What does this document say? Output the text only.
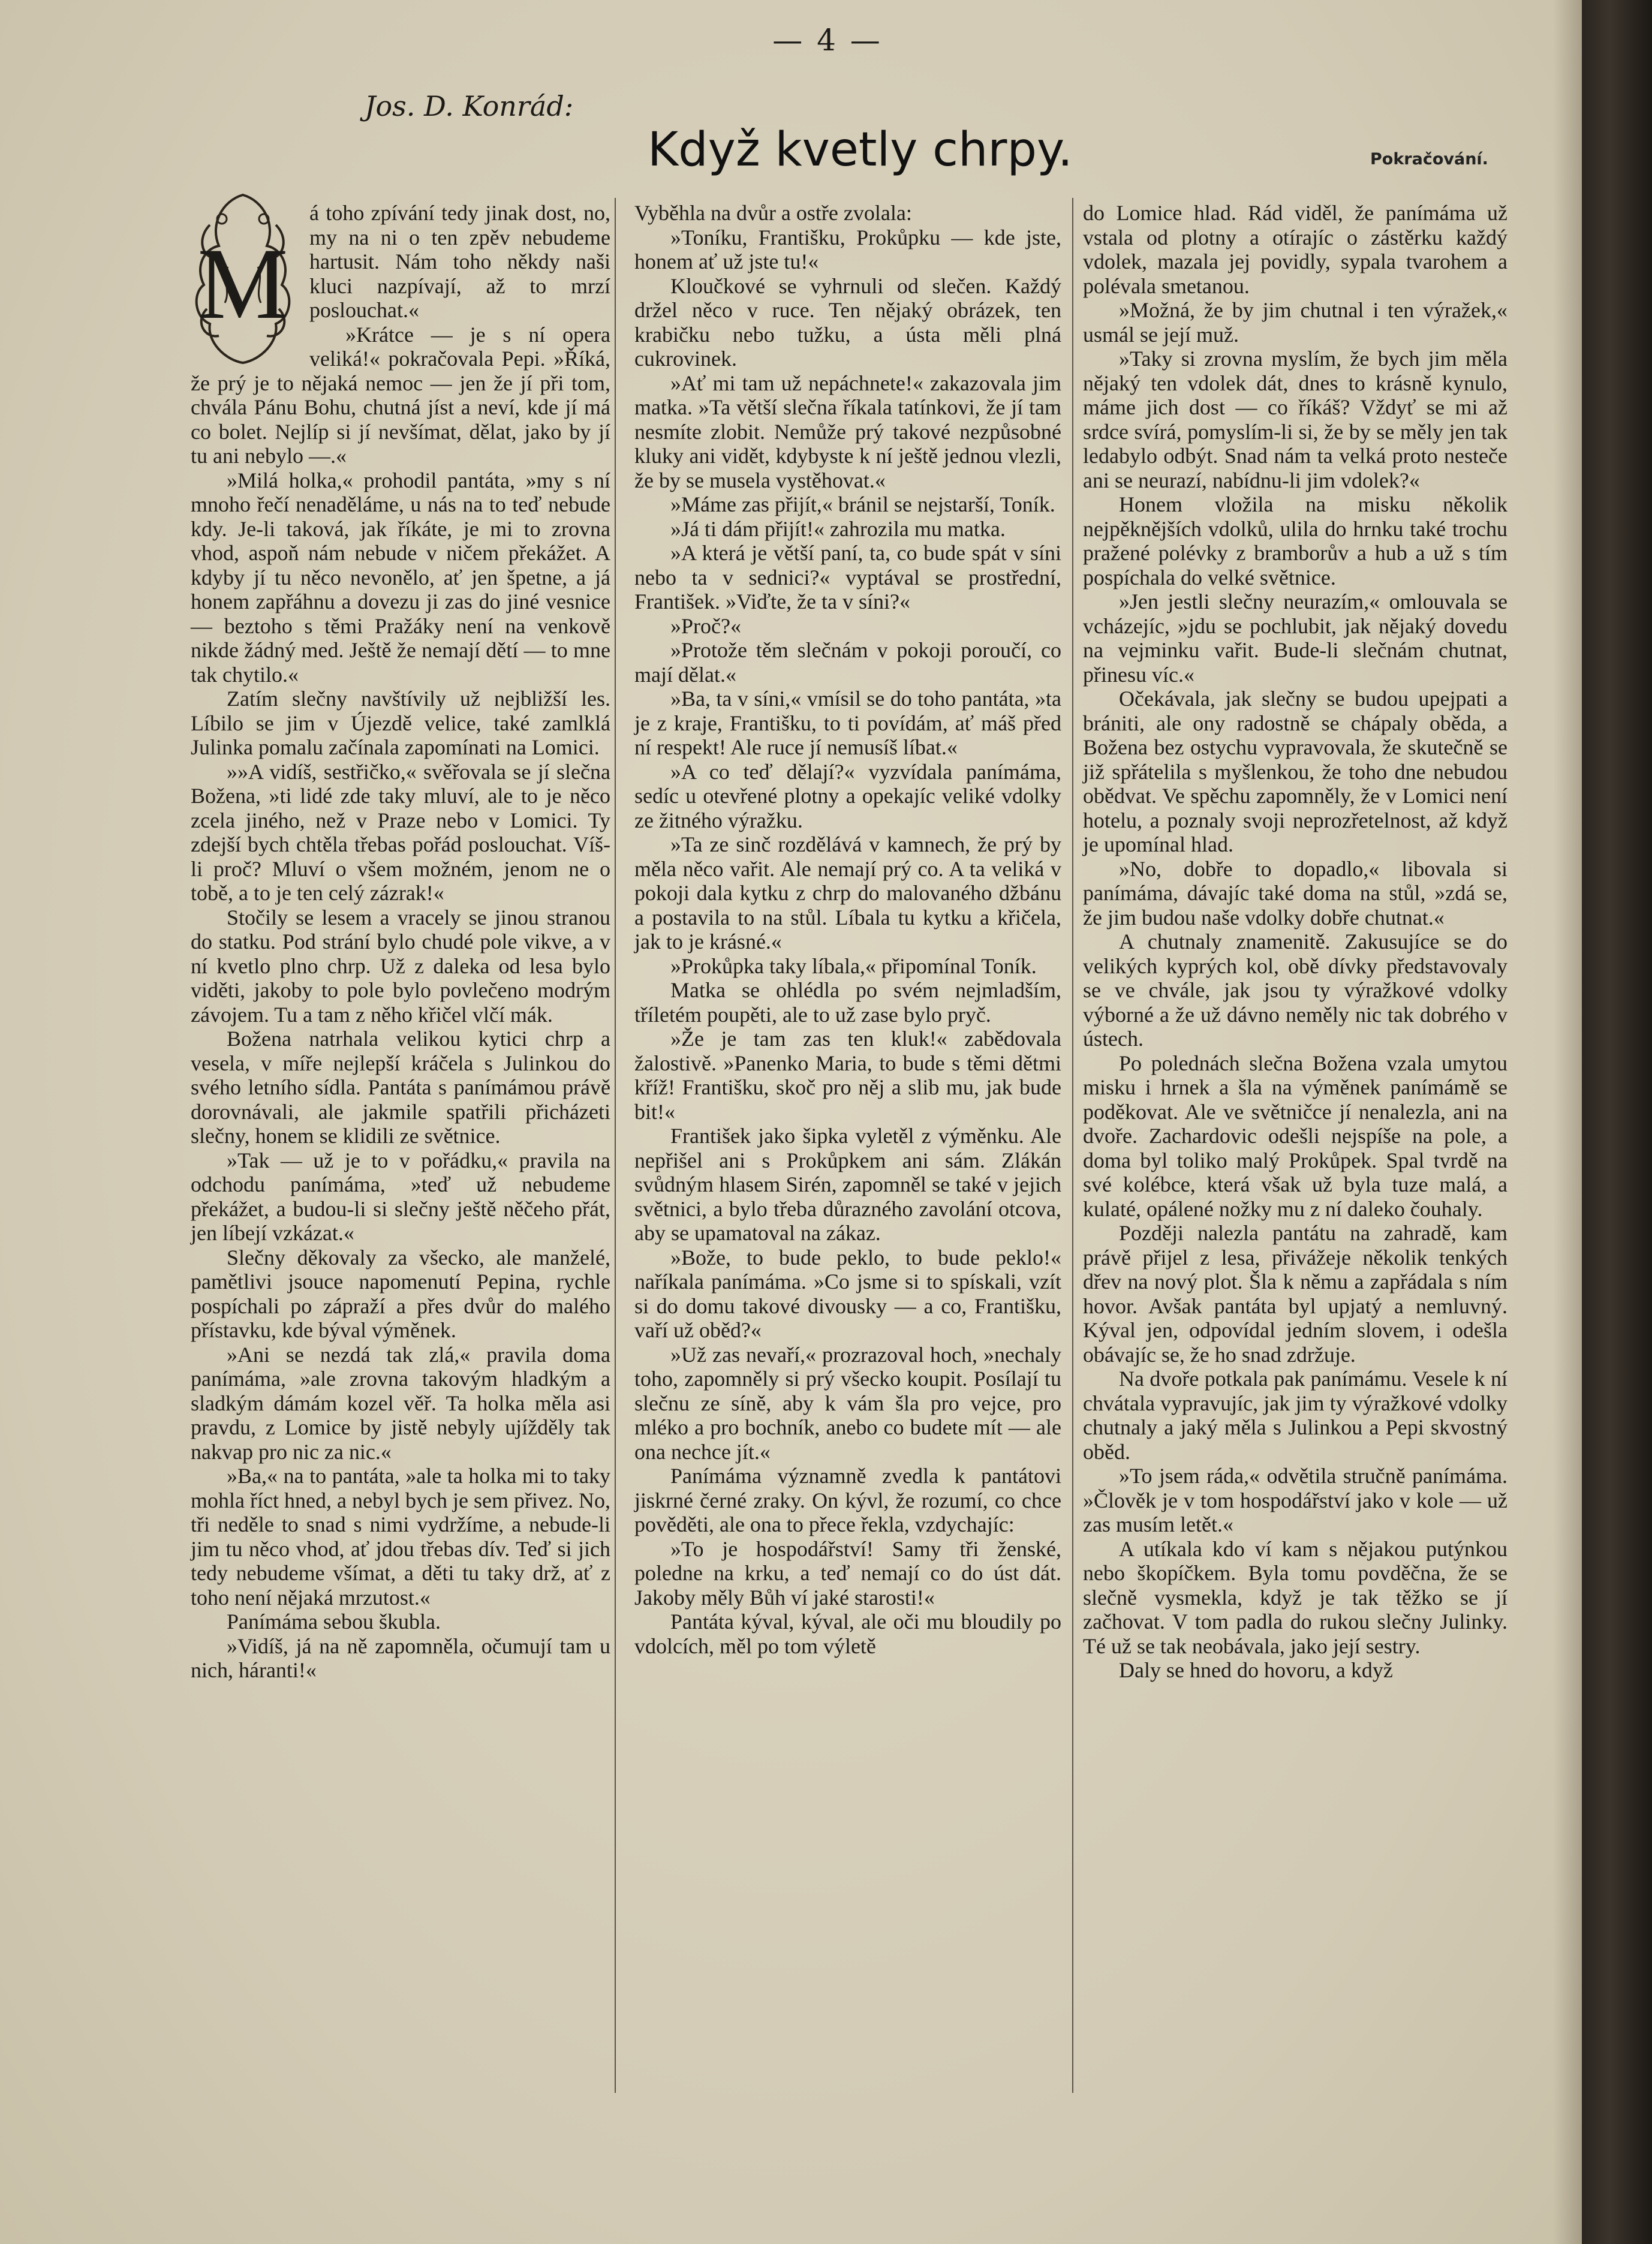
— 4 —
Jos. D. Konrád:
Když kvetly chrpy.	Pokračování.
M

á toho zpívání tedy jinak dost, no, my na ni o ten zpěv nebudeme hartusit. Nám toho někdy naši kluci nazpívají, až to mrzí poslouchat.«

»Krátce — je s ní opera veliká!« pokračovala Pepi. »Říká, že prý je to nějaká nemoc — jen že jí při tom, chvála Pánu Bohu, chutná jíst a neví, kde jí má co bolet. Nejlíp si jí nevšímat, dělat, jako by jí tu ani nebylo —.«

»Milá holka,« prohodil pantáta, »my s ní mnoho řečí nenaděláme, u nás na to teď nebude kdy. Je-li taková, jak říkáte, je mi to zrovna vhod, aspoň nám nebude v ničem překážet. A kdyby jí tu něco nevonělo, ať jen špetne, a já honem zapřáhnu a dovezu ji zas do jiné vesnice — beztoho s těmi Pražáky není na venkově nikde žádný med. Ještě že nemají dětí — to mne tak chytilo.«

Zatím slečny navštívily už nejbližší les. Líbilo se jim v Újezdě velice, také zamlklá Julinka pomalu začínala zapomínati na Lomici.

»»A vidíš, sestřičko,« svěřovala se jí slečna Božena, »ti lidé zde taky mluví, ale to je něco zcela jiného, než v Praze nebo v Lomici. Ty zdejší bych chtěla třebas pořád poslouchat. Víš-li proč? Mluví o všem možném, jenom ne o tobě, a to je ten celý zázrak!«

Stočily se lesem a vracely se jinou stranou do statku. Pod strání bylo chudé pole vikve, a v ní kvetlo plno chrp. Už z daleka od lesa bylo viděti, jakoby to pole bylo povlečeno modrým závojem. Tu a tam z něho křičel vlčí mák.

Božena natrhala velikou kytici chrp a vesela, v míře nejlepší kráčela s Julinkou do svého letního sídla. Pantáta s panímámou právě dorovnávali, ale jakmile spatřili přicházeti slečny, honem se klidili ze světnice.

»Tak — už je to v pořádku,« pravila na odchodu panímáma, »teď už nebudeme překážet, a budou-li si slečny ještě něčeho přát, jen líbejí vzkázat.«

Slečny děkovaly za všecko, ale manželé, pamětlivi jsouce napomenutí Pepina, rychle pospíchali po zápraží a přes dvůr do malého přístavku, kde býval výměnek.

»Ani se nezdá tak zlá,« pravila doma panímáma, »ale zrovna takovým hladkým a sladkým dámám kozel věř. Ta holka měla asi pravdu, z Lomice by jistě nebyly ujížděly tak nakvap pro nic za nic.«

»Ba,« na to pantáta, »ale ta holka mi to taky mohla říct hned, a nebyl bych je sem přivez. No, tři neděle to snad s nimi vydržíme, a nebude-li jim tu něco vhod, ať jdou třebas dív. Teď si jich tedy nebudeme všímat, a děti tu taky drž, ať z toho není nějaká mrzutost.«

Panímáma sebou škubla.

»Vidíš, já na ně zapomněla, očumují tam u nich, háranti!«

Vyběhla na dvůr a ostře zvolala:

»Toníku, Františku, Prokůpku — kde jste, honem ať už jste tu!«

Kloučkové se vyhrnuli od slečen. Každý držel něco v ruce. Ten nějaký obrázek, ten krabičku nebo tužku, a ústa měli plná cukrovinek.

»Ať mi tam už nepáchnete!« zakazovala jim matka. »Ta větší slečna říkala tatínkovi, že jí tam nesmíte zlobit. Nemůže prý takové nezpůsobné kluky ani vidět, kdybyste k ní ještě jednou vlezli, že by se musela vystěhovat.«

»Máme zas přijít,« bránil se nejstarší, Toník.

»Já ti dám přijít!« zahrozila mu matka.

»A která je větší paní, ta, co bude spát v síni nebo ta v sednici?« vyptával se prostřední, František. »Viďte, že ta v síni?«

»Proč?«

»Protože těm slečnám v pokoji poroučí, co mají dělat.«

»Ba, ta v síni,« vmísil se do toho pantáta, »ta je z kraje, Františku, to ti povídám, ať máš před ní respekt! Ale ruce jí nemusíš líbat.«

»A co teď dělají?« vyzvídala panímáma, sedíc u otevřené plotny a opekajíc veliké vdolky ze žitného výražku.

»Ta ze sinč rozdělává v kamnech, že prý by měla něco vařit. Ale nemají prý co. A ta veliká v pokoji dala kytku z chrp do malovaného džbánu a postavila to na stůl. Líbala tu kytku a křičela, jak to je krásné.«

»Prokůpka taky líbala,« připomínal Toník.

Matka se ohlédla po svém nejmladším, tříletém poupěti, ale to už zase bylo pryč.

»Že je tam zas ten kluk!« zabědovala žalostivě. »Panenko Maria, to bude s těmi dětmi kříž! Františku, skoč pro něj a slib mu, jak bude bit!«

František jako šipka vyletěl z výměnku. Ale nepřišel ani s Prokůpkem ani sám. Zlákán svůdným hlasem Sirén, zapomněl se také v jejich světnici, a bylo třeba důrazného zavolání otcova, aby se upamatoval na zákaz.

»Bože, to bude peklo, to bude peklo!« naříkala panímáma. »Co jsme si to spískali, vzít si do domu takové divousky — a co, Františku, vaří už oběd?«

»Už zas nevaří,« prozrazoval hoch, »nechaly toho, zapomněly si prý všecko koupit. Posílají tu slečnu ze síně, aby k vám šla pro vejce, pro mléko a pro bochník, anebo co budete mít — ale ona nechce jít.«

Panímáma významně zvedla k pantátovi jiskrné černé zraky. On kývl, že rozumí, co chce pověděti, ale ona to přece řekla, vzdychajíc:

»To je hospodářství! Samy tři ženské, poledne na krku, a teď nemají co do úst dát. Jakoby měly Bůh ví jaké starosti!«

Pantáta kýval, kýval, ale oči mu bloudily po vdolcích, měl po tom výletě

do Lomice hlad. Rád viděl, že panímáma už vstala od plotny a otírajíc o zástěrku každý vdolek, mazala jej povidly, sypala tvarohem a polévala smetanou.

»Možná, že by jim chutnal i ten výražek,« usmál se její muž.

»Taky si zrovna myslím, že bych jim měla nějaký ten vdolek dát, dnes to krásně kynulo, máme jich dost — co říkáš? Vždyť se mi až srdce svírá, pomyslím-li si, že by se měly jen tak ledabylo odbýt. Snad nám ta velká proto nesteče ani se neurazí, nabídnu-li jim vdolek?«

Honem vložila na misku několik nejpěknějších vdolků, ulila do hrnku také trochu pražené polévky z bramborův a hub a už s tím pospíchala do velké světnice.

»Jen jestli slečny neurazím,« omlouvala se vcházejíc, »jdu se pochlubit, jak nějaký dovedu na vejminku vařit. Bude-li slečnám chutnat, přinesu víc.«

Očekávala, jak slečny se budou upejpati a brániti, ale ony radostně se chápaly oběda, a Božena bez ostychu vypravovala, že skutečně se již spřátelila s myšlenkou, že toho dne nebudou obědvat. Ve spěchu zapomněly, že v Lomici není hotelu, a poznaly svoji neprozřetelnost, až když je upomínal hlad.

»No, dobře to dopadlo,« libovala si panímáma, dávajíc také doma na stůl, »zdá se, že jim budou naše vdolky dobře chutnat.«

A chutnaly znamenitě. Zakusujíce se do velikých kyprých kol, obě dívky představovaly se ve chvále, jak jsou ty výražkové vdolky výborné a že už dávno neměly nic tak dobrého v ústech.

Po polednách slečna Božena vzala umytou misku i hrnek a šla na výměnek panímámě se poděkovat. Ale ve světničce jí nenalezla, ani na dvoře. Zachardovic odešli nejspíše na pole, a doma byl toliko malý Prokůpek. Spal tvrdě na své kolébce, která však už byla tuze malá, a kulaté, opálené nožky mu z ní daleko čouhaly.

Později nalezla pantátu na zahradě, kam právě přijel z lesa, přivážeje několik tenkých dřev na nový plot. Šla k němu a zapřádala s ním hovor. Avšak pantáta byl upjatý a nemluvný. Kýval jen, odpovídal jedním slovem, i odešla obávajíc se, že ho snad zdržuje.

Na dvoře potkala pak panímámu. Vesele k ní chvátala vypravujíc, jak jim ty výražkové vdolky chutnaly a jaký měla s Julinkou a Pepi skvostný oběd.

»To jsem ráda,« odvětila stručně panímáma. »Člověk je v tom hospodářství jako v kole — už zas musím letět.«

A utíkala kdo ví kam s nějakou putýnkou nebo škopíčkem. Byla tomu povděčna, že se slečně vysmekla, když je tak těžko se jí začhovat. V tom padla do rukou slečny Julinky. Té už se tak neobávala, jako její sestry.

Daly se hned do hovoru, a když
